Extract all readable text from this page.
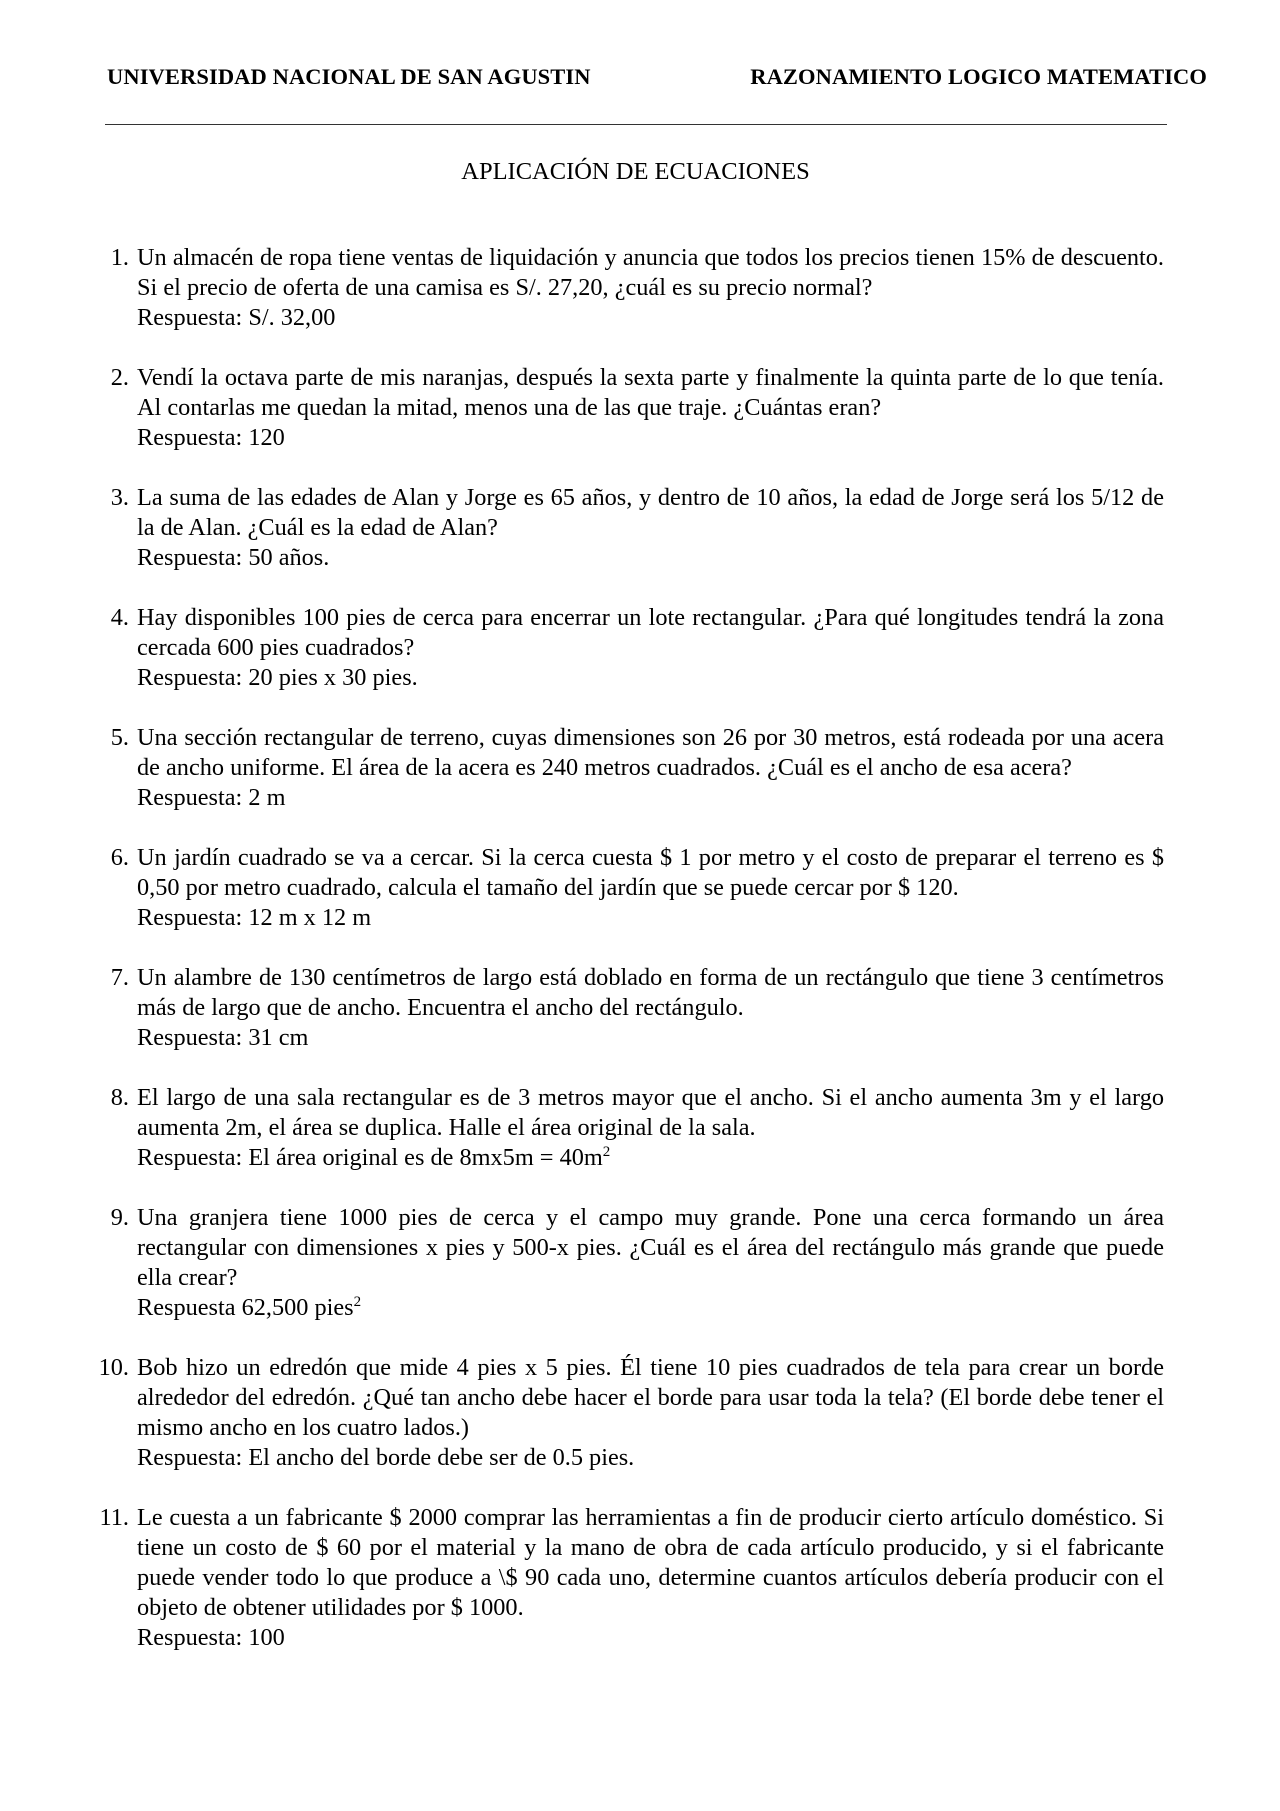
UNIVERSIDAD NACIONAL DE SAN AGUSTIN	RAZONAMIENTO LOGICO MATEMATICO
APLICACIÓN DE ECUACIONES
1. Un almacén de ropa tiene ventas de liquidación y anuncia que todos los precios tienen 15% de descuento. Si el precio de oferta de una camisa es S/. 27,20, ¿cuál es su precio normal?
Respuesta: S/. 32,00
2. Vendí la octava parte de mis naranjas, después la sexta parte y finalmente la quinta parte de lo que tenía. Al contarlas me quedan la mitad, menos una de las que traje. ¿Cuántas eran?
Respuesta: 120
3. La suma de las edades de Alan y Jorge es 65 años, y dentro de 10 años, la edad de Jorge será los 5/12 de la de Alan. ¿Cuál es la edad de Alan?
Respuesta: 50 años.
4. Hay disponibles 100 pies de cerca para encerrar un lote rectangular. ¿Para qué longitudes tendrá la zona cercada 600 pies cuadrados?
Respuesta: 20 pies x 30 pies.
5. Una sección rectangular de terreno, cuyas dimensiones son 26 por 30 metros, está rodeada por una acera de ancho uniforme. El área de la acera es 240 metros cuadrados. ¿Cuál es el ancho de esa acera?
Respuesta: 2 m
6. Un jardín cuadrado se va a cercar. Si la cerca cuesta $ 1 por metro y el costo de preparar el terreno es $ 0,50 por metro cuadrado, calcula el tamaño del jardín que se puede cercar por $ 120.
Respuesta: 12 m x 12 m
7. Un alambre de 130 centímetros de largo está doblado en forma de un rectángulo que tiene 3 centímetros más de largo que de ancho. Encuentra el ancho del rectángulo.
Respuesta: 31 cm
8. El largo de una sala rectangular es de 3 metros mayor que el ancho. Si el ancho aumenta 3m y el largo aumenta 2m, el área se duplica. Halle el área original de la sala.
Respuesta: El área original es de $8mx5m = 40m^2$
9. Una granjera tiene 1000 pies de cerca y el campo muy grande. Pone una cerca formando un área rectangular con dimensiones x pies y 500-x pies. ¿Cuál es el área del rectángulo más grande que puede ella crear?
Respuesta 62,500 pies$^2$
10. Bob hizo un edredón que mide 4 pies x 5 pies. Él tiene 10 pies cuadrados de tela para crear un borde alrededor del edredón. ¿Qué tan ancho debe hacer el borde para usar toda la tela? (El borde debe tener el mismo ancho en los cuatro lados.)
Respuesta: El ancho del borde debe ser de 0.5 pies.
11. Le cuesta a un fabricante $ 2000 comprar las herramientas a fin de producir cierto artículo doméstico. Si tiene un costo de $ 60 por el material y la mano de obra de cada artículo producido, y si el fabricante puede vender todo lo que produce a \$ 90 cada uno, determine cuantos artículos debería producir con el objeto de obtener utilidades por $ 1000.
Respuesta: 100
